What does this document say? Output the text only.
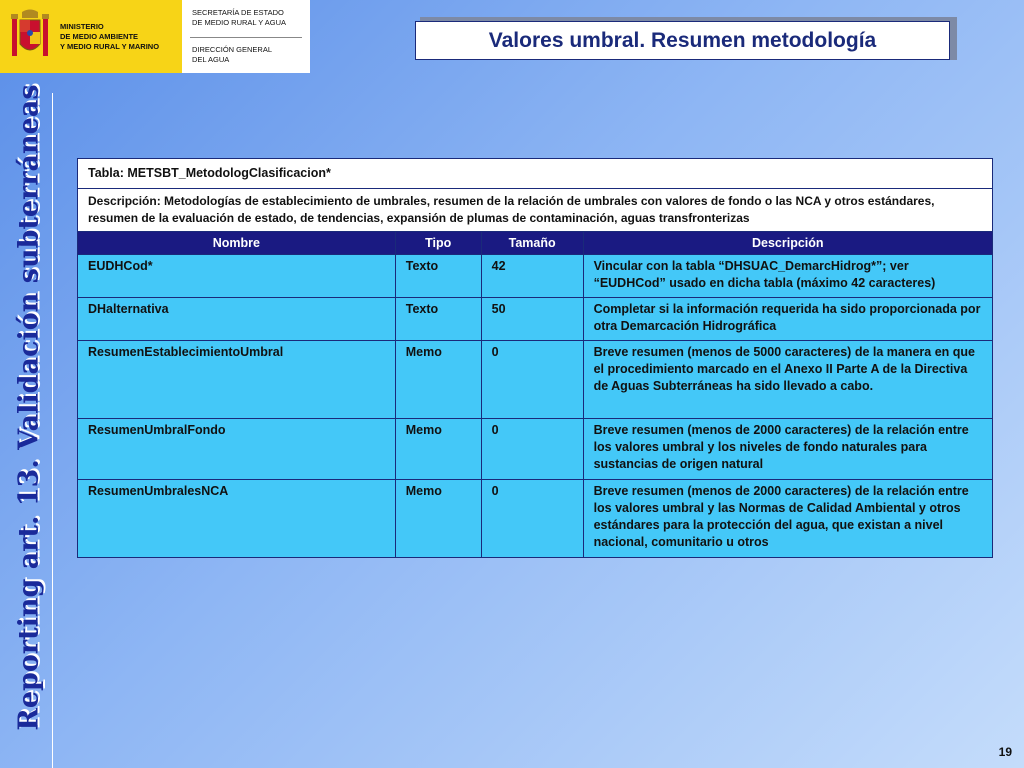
MINISTERIO
DE MEDIO AMBIENTE
Y MEDIO RURAL Y MARINO
SECRETARÍA DE ESTADO
DE MEDIO RURAL Y AGUA
DIRECCIÓN GENERAL
DEL AGUA
Valores umbral. Resumen metodología
Reporting art. 13. Validación subterráneas	Tabla: METSBT_MetodologClasificacion*			
Descripción: Metodologías de establecimiento de umbrales, resumen de la relación de umbrales con valores de fondo o las NCA y otros estándares, resumen de la evaluación de estado, de tendencias, expansión de plumas de contaminación, aguas transfronterizas			
Nombre	Tipo	Tamaño	Descripción
EUDHCod*	Texto	42	Vincular con la tabla “DHSUAC_DemarcHidrog*”; ver “EUDHCod” usado en dicha tabla (máximo 42 caracteres)
DHalternativa	Texto	50	Completar si la información requerida ha sido proporcionada por otra Demarcación Hidrográfica
ResumenEstablecimientoUmbral	Memo	0	Breve resumen (menos de 5000 caracteres) de la manera en que el procedimiento marcado en el Anexo II Parte A de la Directiva de Aguas Subterráneas ha sido llevado a cabo.
ResumenUmbralFondo	Memo	0	Breve resumen (menos de 2000 caracteres) de la relación entre los valores umbral y los niveles de fondo naturales para sustancias de origen natural
ResumenUmbralesNCA	Memo	0	Breve resumen (menos de 2000 caracteres) de la relación entre los valores umbral y las Normas de Calidad Ambiental y otros estándares para la protección del agua, que existan a nivel nacional, comunitario u otros
19
